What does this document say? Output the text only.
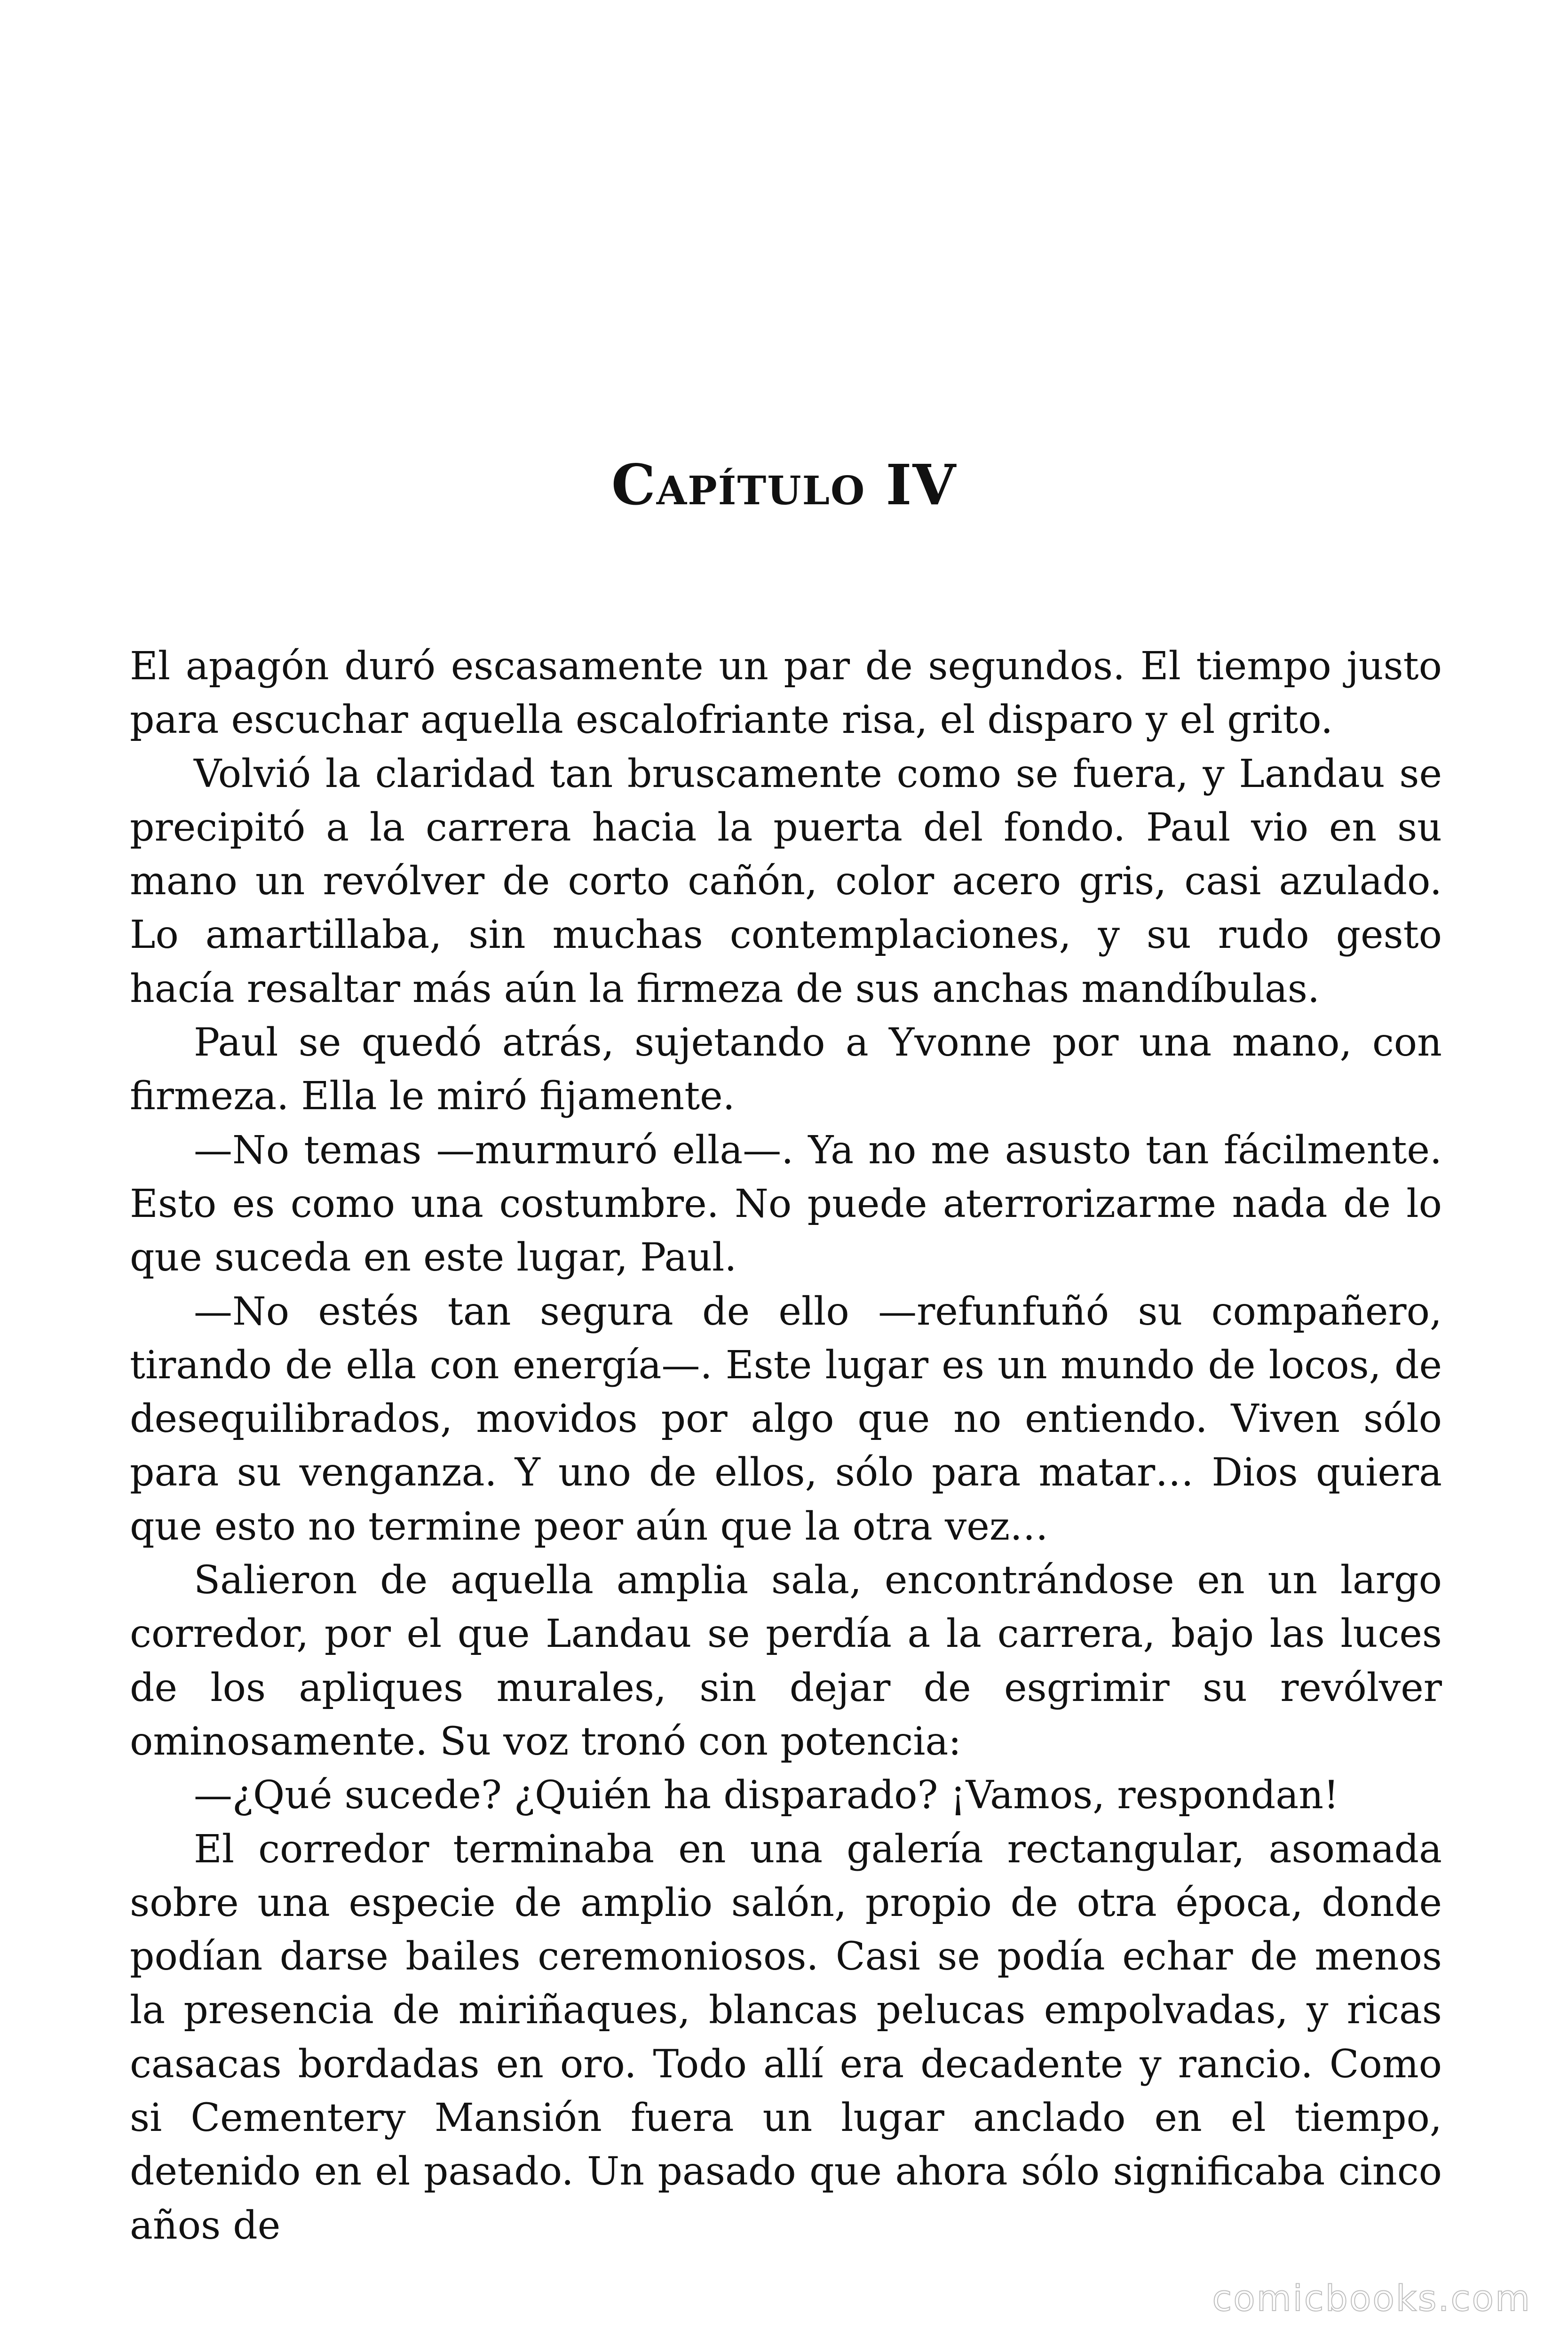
Capítulo IV

El apagón duró escasamente un par de segundos. El tiempo justo para escuchar aquella escalofriante risa, el disparo y el grito.

Volvió la claridad tan bruscamente como se fuera, y Landau se precipitó a la carrera hacia la puerta del fondo. Paul vio en su mano un revólver de corto cañón, color acero gris, casi azulado. Lo amartillaba, sin muchas contemplaciones, y su rudo gesto hacía resaltar más aún la firmeza de sus anchas mandíbulas.

Paul se quedó atrás, sujetando a Yvonne por una mano, con firmeza. Ella le miró fijamente.

—No temas —murmuró ella—. Ya no me asusto tan fácilmente. Esto es como una costumbre. No puede aterrorizarme nada de lo que suceda en este lugar, Paul.

—No estés tan segura de ello —refunfuñó su compañero, tirando de ella con energía—. Este lugar es un mundo de locos, de desequilibrados, movidos por algo que no entiendo. Viven sólo para su venganza. Y uno de ellos, sólo para matar… Dios quiera que esto no termine peor aún que la otra vez…

Salieron de aquella amplia sala, encontrándose en un largo corredor, por el que Landau se perdía a la carrera, bajo las luces de los apliques murales, sin dejar de esgrimir su revólver ominosamente. Su voz tronó con potencia:

—¿Qué sucede? ¿Quién ha disparado? ¡Vamos, respondan!

El corredor terminaba en una galería rectangular, asomada sobre una especie de amplio salón, propio de otra época, donde podían darse bailes ceremoniosos. Casi se podía echar de menos la presencia de miriñaques, blancas pelucas empolvadas, y ricas casacas bordadas en oro. Todo allí era decadente y rancio. Como si Cementery Mansión fuera un lugar anclado en el tiempo, detenido en el pasado. Un pasado que ahora sólo significaba cinco años de

comicbooks.com
